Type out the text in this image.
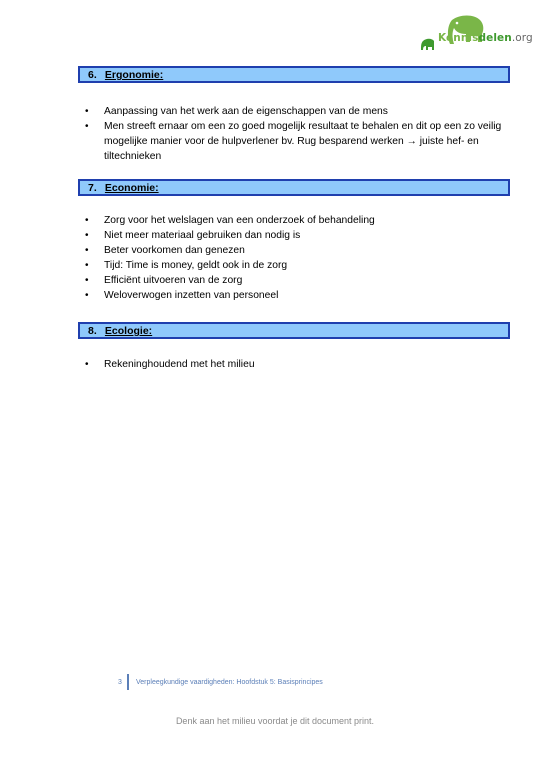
Kennisdelen.org
6. Ergonomie:
• Aanpassing van het werk aan de eigenschappen van de mens
• Men streeft ernaar om een zo goed mogelijk resultaat te behalen en dit op een zo veilig mogelijke manier voor de hulpverlener bv. Rug besparend werken → juiste hef- en tiltechnieken
7. Economie:
• Zorg voor het welslagen van een onderzoek of behandeling
• Niet meer materiaal gebruiken dan nodig is
• Beter voorkomen dan genezen
• Tijd: Time is money, geldt ook in de zorg
• Efficiënt uitvoeren van de zorg
• Weloverwogen inzetten van personeel
8. Ecologie:
• Rekeninghoudend met het milieu
3 Verpleegkundige vaardigheden: Hoofdstuk 5: Basisprincipes
Denk aan het milieu voordat je dit document print.
